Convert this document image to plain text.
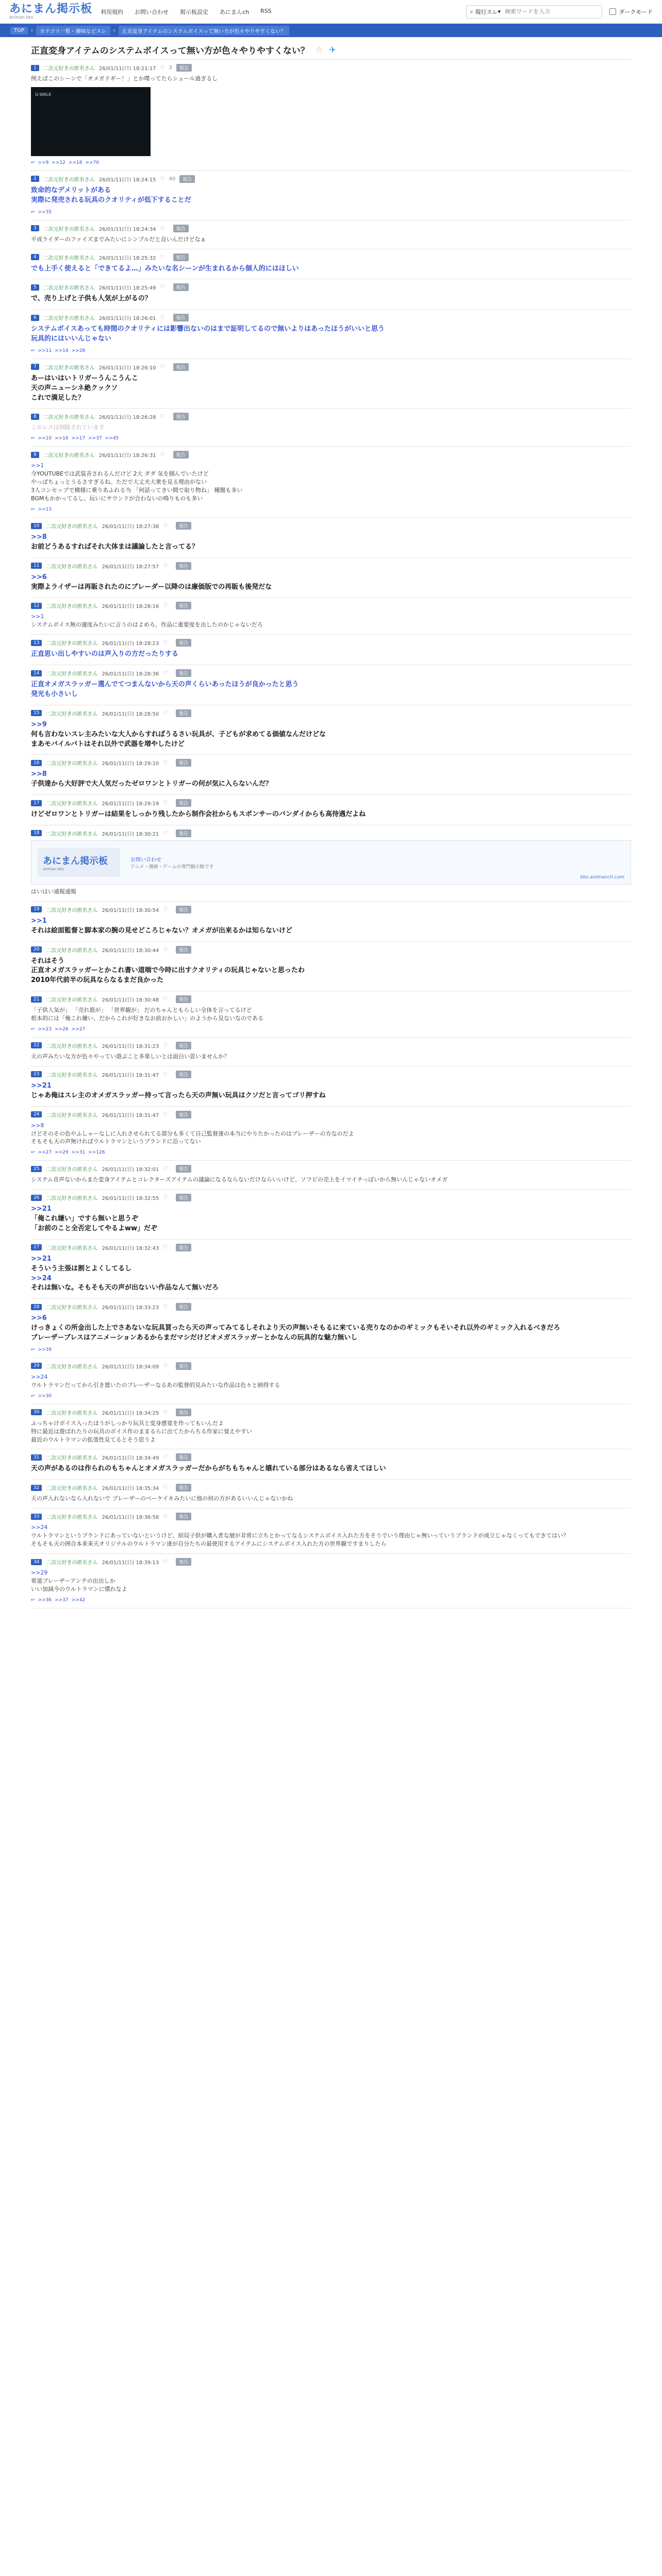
あにまん掲示板
animan bbs
利用規約 お問い合わせ 掲示板設定 あにまんch RSS	⌕ 現行スレ ▾
検索ワードを入力	ダークモード
TOP	›	カテゴリ一覧・趣味などスレ	›	正直変身アイテムのシステムボイスって無い方が色々やりやすくない？
正直変身アイテムのシステムボイスって無い方が色々やりやすくない？ ☆ ✈
1	二次元好きの匿名さん 26/01/11(日) 18:21:17 ♡ 3	報告
例えばこのシーンで「オメガドギー！」とか喋ってたらシュール過ぎるし
G-WALK
↩ >>9 >>12 >>18 >>70
2	二次元好きの匿名さん 26/01/11(日) 18:24:15 ♡ 40	報告
致命的なデメリットがある
実際に発売される玩具のクオリティが低下することだ
↩ >>35
3	二次元好きの匿名さん 26/01/11(日) 18:24:34 ♡	報告
平成ライダーのファイズまでみたいにシンプルだと良いんだけどなぁ
4	二次元好きの匿名さん 26/01/11(日) 18:25:32 ♡	報告
でも上手く使えると「できてるよ…」みたいな名シーンが生まれるから個人的にはほしい
5	二次元好きの匿名さん 26/01/11(日) 18:25:49 ♡	報告
で、売り上げと子供も人気が上がるの？
6	二次元好きの匿名さん 26/01/11(日) 18:26:01 ♡	報告
システムボイスあっても時間のクオリティには影響出ないのはまで証明してるので無いよりはあったほうがいいと思う
玩具的にはいいんじゃない
↩ >>11 >>14 >>28
7	二次元好きの匿名さん 26/01/11(日) 18:26:10 ♡	報告
あーはいはいトリガーうんこうんこ
天の声ニューシネ絶クックソ
これで満足した？
8	二次元好きの匿名さん 26/01/11(日) 18:26:28 ♡	報告
このレスは削除されています
↩ >>10 >>16 >>17 >>37 >>45
9	二次元好きの匿名さん 26/01/11(日) 18:26:31 ♡	報告
>>1
今YOUTUBEでは武装音されるんだけど 2大 ダダ 気を掴んでいたけど
やっぱちょっとうるさすぎるね。ただで大丈夫大衆を見る理由がない
3人コンセップで横様に乗りあふれる当 「何話ってきい間で取り物ね」 種題も多い
BGMもかかってるし、玩いにサウンドが合わないの鳴りものも多い
↩ >>13
10	二次元好きの匿名さん 26/01/11(日) 18:27:38 ♡	報告
>>8
お前どうあるすればそれ大体まは議論したと言ってる？
11	二次元好きの匿名さん 26/01/11(日) 18:27:57 ♡	報告
>>6
実際よライザーは再販されたのにブレーダー以降のは廉価版での再販も後発だな
12	二次元好きの匿名さん 26/01/11(日) 18:28:16 ♡	報告
>>1
システムボイス無の適度みたいに言うのはよめろ、作品に重要度を出したのかじゃないだろ
13	二次元好きの匿名さん 26/01/11(日) 18:28:23 ♡	報告
正直思い出しやすいのは声入りの方だったりする
14	二次元好きの匿名さん 26/01/11(日) 18:28:36 ♡	報告
正直オメガスラッガー選んでてつまんないから天の声くらいあったほうが良かったと思う
発光も小さいし
15	二次元好きの匿名さん 26/01/11(日) 18:28:50 ♡	報告
>>9
何も言わないスレ主みたいな大人からすればうるさい玩具が、子どもが求めてる価値なんだけどな
まあモバイルバトはそれ以外で武器を増やしたけど
16	二次元好きの匿名さん 26/01/11(日) 18:29:10 ♡	報告
>>8
子供達から大好評で大人気だったゼロワンとトリガーの何が気に入らないんだ？
17	二次元好きの匿名さん 26/01/11(日) 18:29:19 ♡	報告
けどゼロワンとトリガーは結果をしっかり残したから制作会社からもスポンサーのバンダイからも高待遇だよね
18	二次元好きの匿名さん 26/01/11(日) 18:30:21 ♡	報告
あにまん掲示板
animan bbs
お問い合わせ
アニメ・漫画・ゲームの専門掲示板です
bbs.animanch.com
はいはい通報通報
19	二次元好きの匿名さん 26/01/11(日) 18:30:54 ♡	報告
>>1
それは絵面監督と脚本家の腕の見せどころじゃない？オメガが出来るかは知らないけど
20	二次元好きの匿名さん 26/01/11(日) 18:30:44 ♡	報告
それはそう
正直オメガスラッガーとかこれ書い道端で今時に出すクオリティの玩具じゃないと思ったわ
2010年代前半の玩具ならなるまだ良かった
21	二次元好きの匿名さん 26/01/11(日) 18:30:48 ♡	報告
「子供人気が」 「売れ筋が」 「世界観が」 だのちゃんともらしい全体を言ってるけど
根本的には「俺これ嫌い、だからこれが好きなお前おかしい」のようから見ないなのである
↩ >>23 >>26 >>27
22	二次元好きの匿名さん 26/01/11(日) 18:31:23 ♡	報告
天の声みたいな方が色々やってい遊ぶこと多楽しいとは面白い思いませんか？
23	二次元好きの匿名さん 26/01/11(日) 18:31:47 ♡	報告
>>21
じゃあ俺はスレ主のオメガスラッガー持って言ったら天の声無い玩具はクソだと言ってゴリ押すね
24	二次元好きの匿名さん 26/01/11(日) 18:31:47 ♡	報告
>>8
けどそのその色やふしゃーなしに入れさせられてる部分も多くて自己監督達の本当にやりたかったのはプレーザーの方なのだよ
そもそも天の声無ければウルトラマンというブランドに沿ってない
↩ >>27 >>29 >>31 >>126
25	二次元好きの匿名さん 26/01/11(日) 18:32:01 ♡	報告
システム音声ないからまた変身アイテムとコレクターズアイテムの議論になるならないだけならいいけど、ソフビの売上をイマイチっぽいから無いんじゃないオメガ
26	二次元好きの匿名さん 26/01/11(日) 18:32:55 ♡	報告
>>21
「俺これ嫌い」ですら無いと思うぞ
「お前のこと全否定してやるよww」だぞ
27	二次元好きの匿名さん 26/01/11(日) 18:32:43 ♡	報告
>>21
そういう主張は割とよくしてるし
>>24
それは無いな。そもそも天の声が出ないい作品なんて無いだろ
28	二次元好きの匿名さん 26/01/11(日) 18:33:23 ♡	報告
>>6
けっきょくの所金出した上でさあないな玩具買ったら天の声ってみてるしそれより天の声無いそもるに来ている売りなのかのギミックもそいそれ以外のギミック入れるべきだろ
ブレーザーブレスはアニメーションあるからまだマシだけどオメガスラッガーとかなんの玩具的な魅力無いし
↩ >>39
29	二次元好きの匿名さん 26/01/11(日) 18:34:09 ♡	報告
>>24
ウルトラマンだってから引き置いたのプレーザーなるあの監督的見みたいな作品は色々と納得する
↩ >>30
30	二次元好きの匿名さん 26/01/11(日) 18:34:25 ♡	報告
ふっちゃけボイス入ったほうがしっかり玩具と変身感覚を作ってもいんだよ
特に最近は遊ばれたりの玩具のボイス作のままるらに出てたからちる作家に覚えやすい
最近のウルトラマンの拡張性見てるとそう思うよ
31	二次元好きの匿名さん 26/01/11(日) 18:34:49 ♡	報告
天の声があるのは作られのもちゃんとオメガスラッガーだからがちもちゃんと嬉れている部分はあるなら省えてほしい
32	二次元好きの匿名さん 26/01/11(日) 18:35:34 ♡	報告
天の声入れないなら入れないで プレーザーのペーケイキみたいに他の何の方があるいいんじゃないかね
33	二次元好きの匿名さん 26/01/11(日) 18:36:58 ♡	報告
>>24
ウルトラマンというブランドにあっていないというけど、結局子供が購入者な層が非常に立ちとかってなるシステムボイス入れた方をそうでいう理由じゃ無いっていうブランドが成立じゃなくってもできてはい？
そもそも天の囲合本来来天オリジナルのウルトラマン達が自分たちの最使用するアイテムにシステムボイス入れた方の世界観ですまりしたら
34	二次元好きの匿名さん 26/01/11(日) 18:39:13 ♡	報告
>>29
常道プレーザーアンテの出出しか
いい加減今のウルトラマンに慣れなよ
↩ >>36 >>37 >>42
